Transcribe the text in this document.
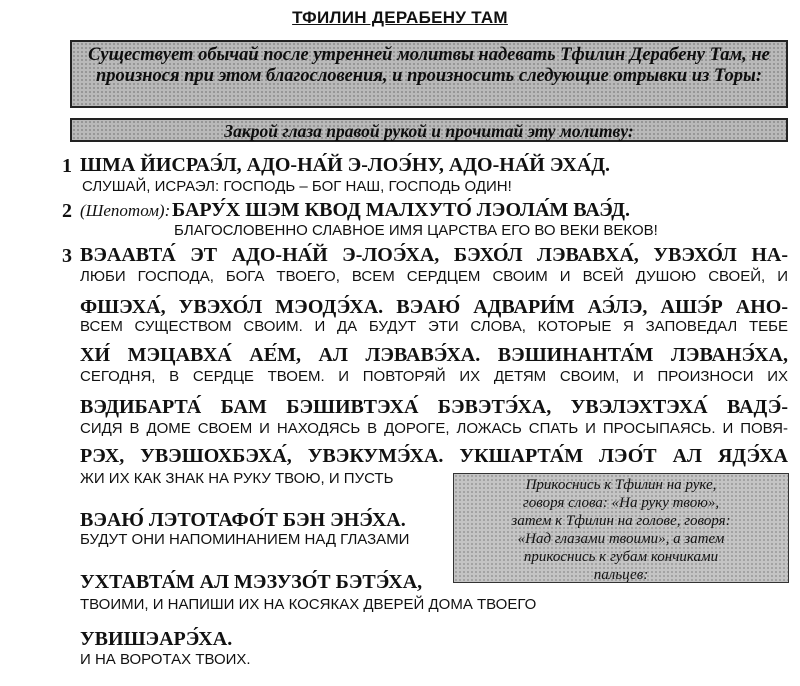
ТФИЛИН ДЕРАБЕНУ ТАМ
Существует обычай после утренней молитвы надевать Тфилин Дерабену Там, не произнося при этом благословения, и произносить следующие отрывки из Торы:
Закрой глаза правой рукой и прочитай эту молитву:
1 ШМА ЙИСРАЭ́Л, АДО-НА́Й Э-ЛОЭ́НУ, АДО-НА́Й ЭХА́Д.
СЛУШАЙ, ИСРАЭЛ: ГОСПОДЬ – БОГ НАШ, ГОСПОДЬ ОДИН!
2 (Шепотом): БАРУ́Х ШЭМ КВОД МАЛХУТО́ ЛЭОЛА́М ВАЭ́Д.
БЛАГОСЛОВЕННО СЛАВНОЕ ИМЯ ЦАРСТВА ЕГО ВО ВЕКИ ВЕКОВ!
3 ВЭААВТА́ ЭТ АДО-НА́Й Э-ЛОЭ́ХА, БЭХО́Л ЛЭВАВХА́, УВЭХО́Л НА-
ЛЮБИ ГОСПОДА, БОГА ТВОЕГО, ВСЕМ СЕРДЦЕМ СВОИМ И ВСЕЙ ДУШОЮ СВОЕЙ, И
ФШЭХА́, УВЭХО́Л МЭОДЭ́ХА. ВЭАЮ́ АДВАРИ́М АЭ́ЛЭ, АШЭ́Р АНО-
ВСЕМ СУЩЕСТВОМ СВОИМ. И ДА БУДУТ ЭТИ СЛОВА, КОТОРЫЕ Я ЗАПОВЕДАЛ ТЕБЕ
ХИ́ МЭЦАВХА́ АЕ́М, АЛ ЛЭВАВЭ́ХА. ВЭШИНАНТА́М ЛЭВАНЭ́ХА,
СЕГОДНЯ, В СЕРДЦЕ ТВОЕМ. И ПОВТОРЯЙ ИХ ДЕТЯМ СВОИМ, И ПРОИЗНОСИ ИХ
ВЭДИБАРТА́ БАМ БЭШИВТЭХА́ БЭВЭТЭ́ХА, УВЭЛЭХТЭХА́ ВАДЭ́-
СИДЯ В ДОМЕ СВОЕМ И НАХОДЯСЬ В ДОРОГЕ, ЛОЖАСЬ СПАТЬ И ПРОСЫПАЯСЬ. И ПОВЯ-
РЭХ, УВЭШОХБЭХА́, УВЭКУМЭ́ХА. УКШАРТА́М ЛЭО́Т АЛ ЯДЭ́ХА
ЖИ ИХ КАК ЗНАК НА РУКУ ТВОЮ, И ПУСТЬ
ВЭАЮ́ ЛЭТОТАФО́Т БЭН ЭНЭ́ХА.
БУДУТ ОНИ НАПОМИНАНИЕМ НАД ГЛАЗАМИ
УХТАВТА́М АЛ МЭЗУЗО́Т БЭТЭ́ХА,
ТВОИМИ, И НАПИШИ ИХ НА КОСЯКАХ ДВЕРЕЙ ДОМА ТВОЕГО
УВИШЭАРЭ́ХА.
И НА ВОРОТАХ ТВОИХ.
Прикоснись к Тфилин на руке,
говоря слова: «На руку твою»,
затем к Тфилин на голове, говоря:
«Над глазами твоими», а затем
прикоснись к губам кончиками
пальцев:
